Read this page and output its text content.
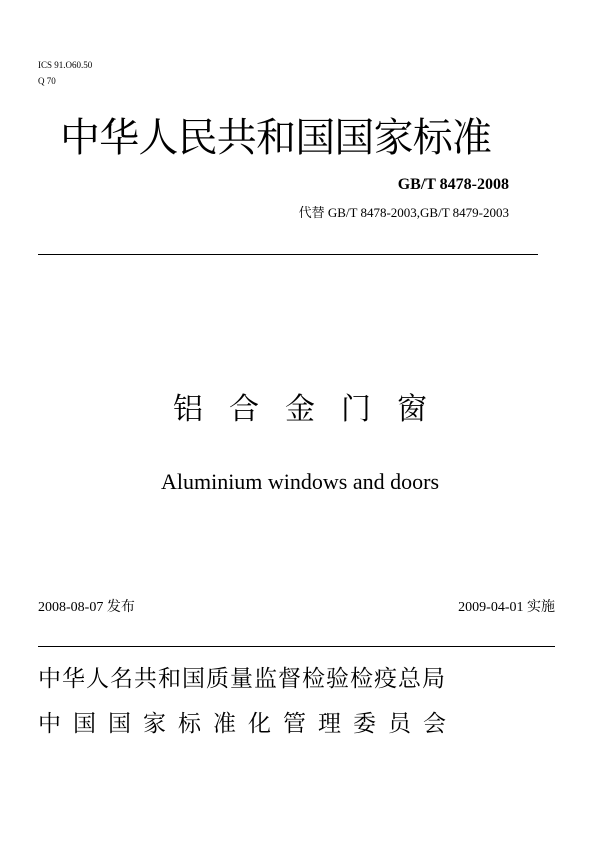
ICS 91.O60.50
Q 70
中华人民共和国国家标准
GB/T 8478-2008
代替 GB/T 8478-2003,GB/T 8479-2003
铝合金门窗
Aluminium windows and doors
2008-08-07 发布	2009-04-01 实施
中华人名共和国质量监督检验检疫总局
中国国家标准化管理委员会
